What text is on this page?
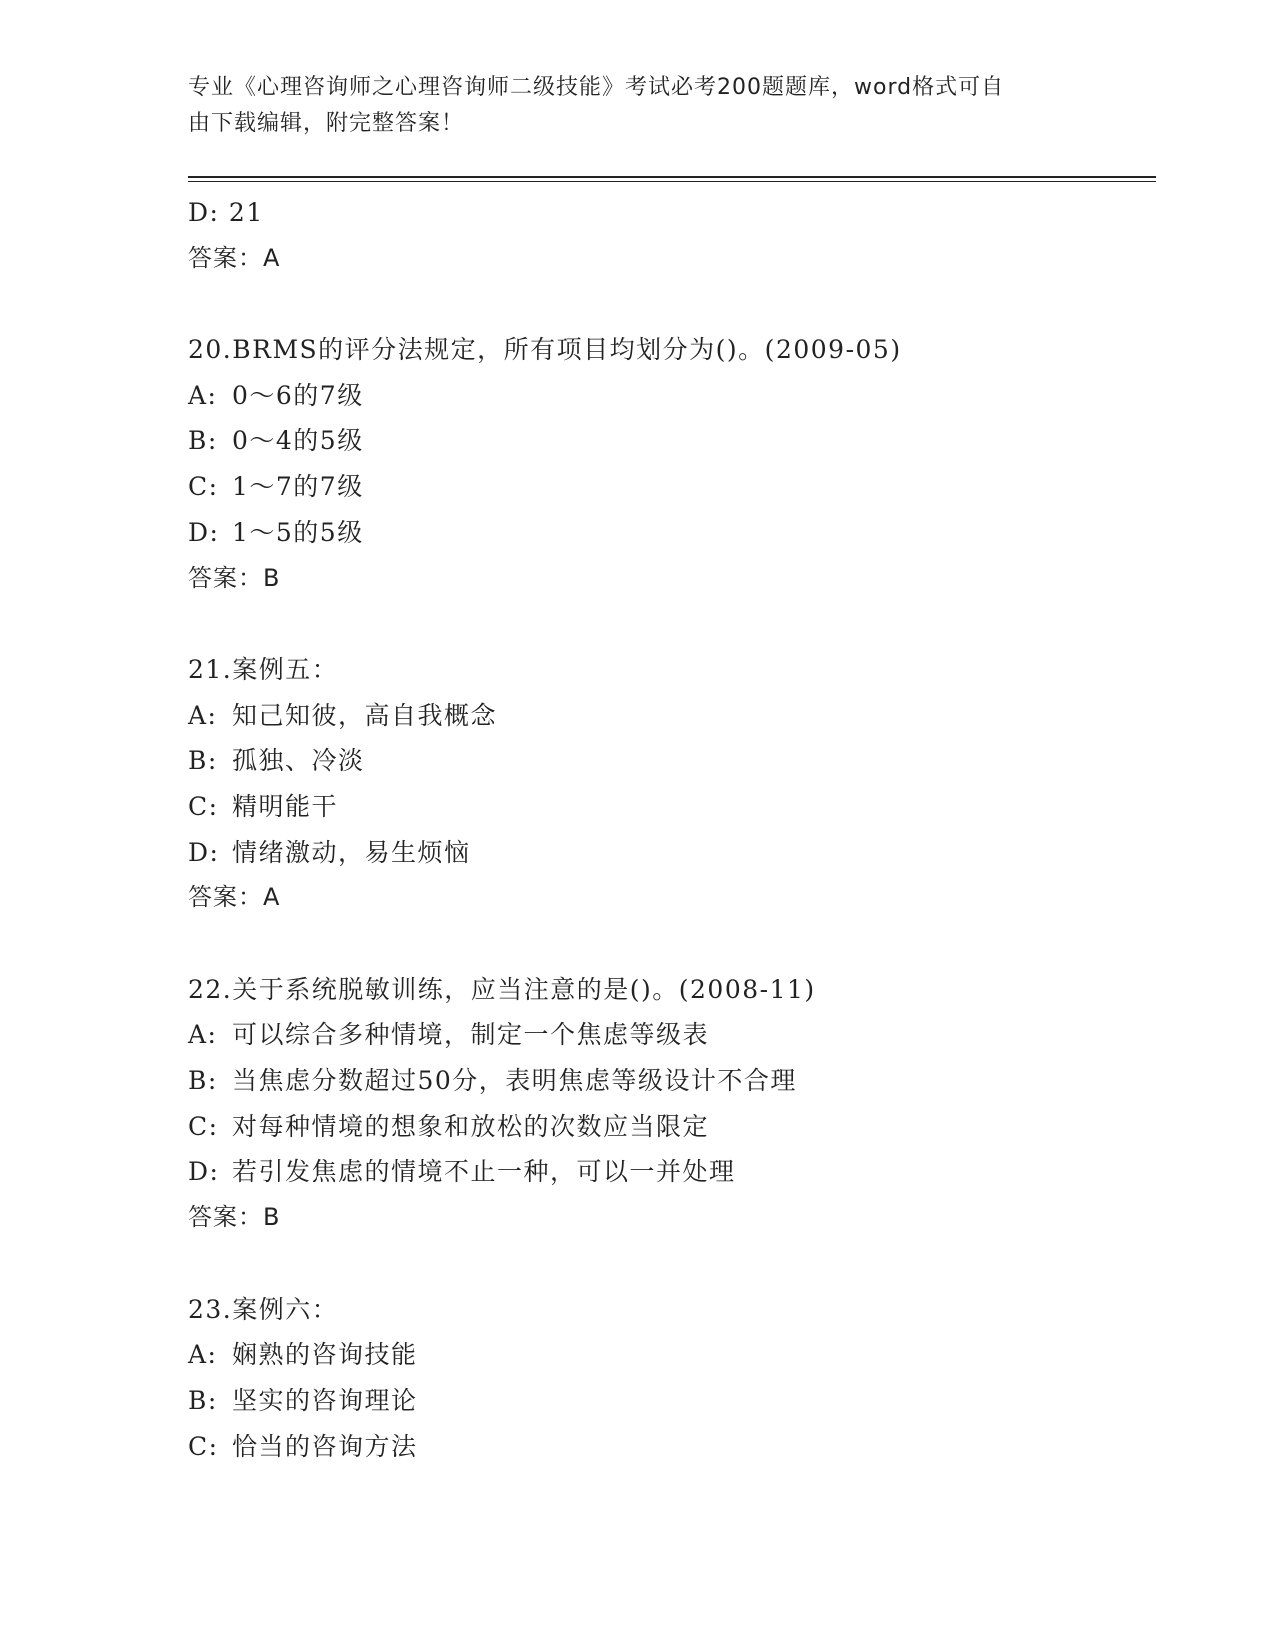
专业《心理咨询师之心理咨询师二级技能》考试必考200题题库，word格式可自
由下载编辑，附完整答案！
D: 21
答案：A
20.BRMS的评分法规定，所有项目均划分为()。(2009-05)
A: 0～6的7级
B: 0～4的5级
C: 1～7的7级
D: 1～5的5级
答案：B
21.案例五：
A: 知己知彼，高自我概念
B: 孤独、冷淡
C: 精明能干
D: 情绪激动，易生烦恼
答案：A
22.关于系统脱敏训练，应当注意的是()。(2008-11)
A: 可以综合多种情境，制定一个焦虑等级表
B: 当焦虑分数超过50分，表明焦虑等级设计不合理
C: 对每种情境的想象和放松的次数应当限定
D: 若引发焦虑的情境不止一种，可以一并处理
答案：B
23.案例六：
A: 娴熟的咨询技能
B: 坚实的咨询理论
C: 恰当的咨询方法
